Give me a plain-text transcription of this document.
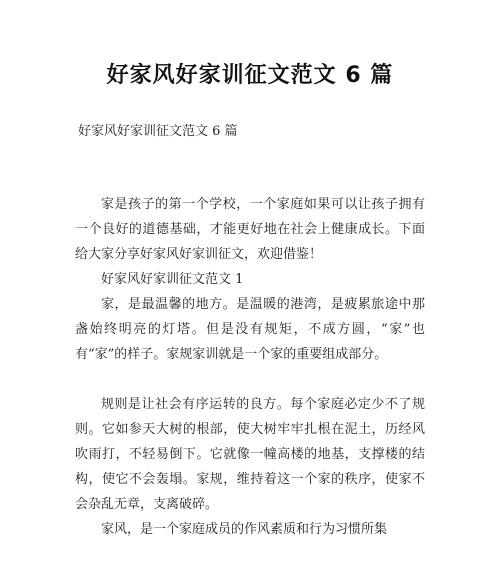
好家风好家训征文范文 6 篇
好家风好家训征文范文 6 篇

家是孩子的第一个学校，一个家庭如果可以让孩子拥有一个良好的道德基础，才能更好地在社会上健康成长。下面给大家分享好家风好家训征文，欢迎借鉴！

好家风好家训征文范文 1

家，是最温馨的地方。是温暖的港湾，是疲累旅途中那盏始终明亮的灯塔。但是没有规矩，不成方圆，“家”也有“家”的样子。家规家训就是一个家的重要组成部分。

规则是让社会有序运转的良方。每个家庭必定少不了规则。它如参天大树的根部，使大树牢牢扎根在泥土，历经风吹雨打，不轻易倒下。它就像一幢高楼的地基，支撑楼的结构，使它不会轰塌。家规，维持着这一个家的秩序，使家不会杂乱无章，支离破碎。

家风，是一个家庭成员的作风素质和行为习惯所集
